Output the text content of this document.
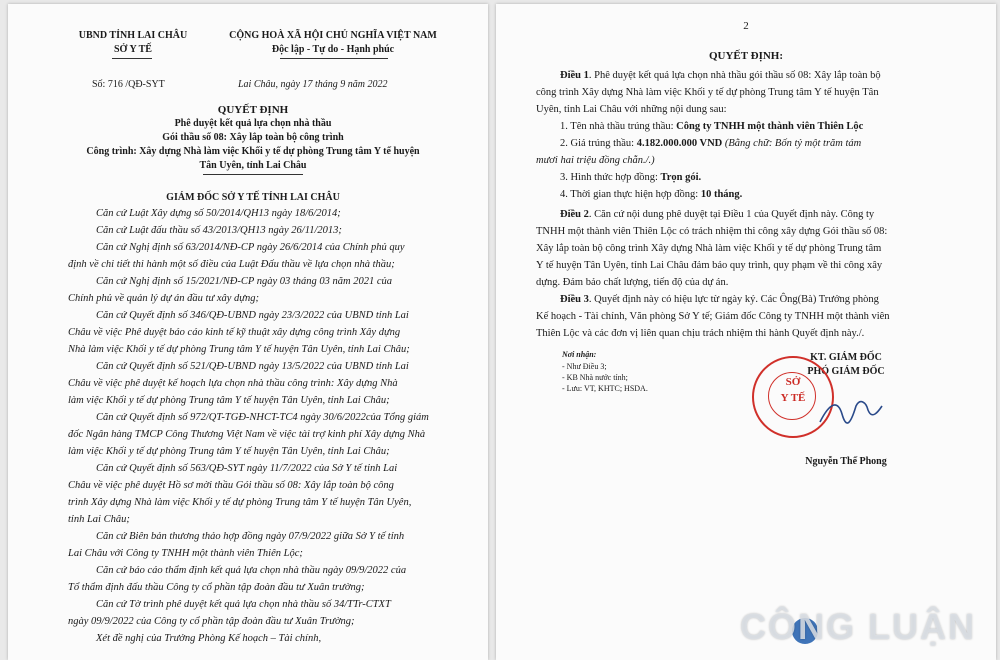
UBND TỈNH LAI CHÂU
SỞ Y TẾ
CỘNG HOÀ XÃ HỘI CHỦ NGHĨA VIỆT NAM
Độc lập - Tự do - Hạnh phúc
Số: 716 /QĐ-SYT	Lai Châu, ngày 17 tháng 9 năm 2022
QUYẾT ĐỊNH
Phê duyệt kết quả lựa chọn nhà thầu
Gói thầu số 08: Xây lắp toàn bộ công trình
Công trình: Xây dựng Nhà làm việc Khối y tế dự phòng Trung tâm Y tế huyện
Tân Uyên, tỉnh Lai Châu
GIÁM ĐỐC SỞ Y TẾ TỈNH LAI CHÂU
Căn cứ Luật Xây dựng số 50/2014/QH13 ngày 18/6/2014;
Căn cứ Luật đấu thầu số 43/2013/QH13 ngày 26/11/2013;
Căn cứ Nghị định số 63/2014/NĐ-CP ngày 26/6/2014 của Chính phủ quy
định về chi tiết thi hành một số điều của Luật Đấu thầu về lựa chọn nhà thầu;
Căn cứ Nghị định số 15/2021/NĐ-CP ngày 03 tháng 03 năm 2021 của
Chính phủ về quản lý dự án đầu tư xây dựng;
Căn cứ Quyết định số 346/QĐ-UBND ngày 23/3/2022 của UBND tỉnh Lai
Châu về việc Phê duyệt báo cáo kinh tế kỹ thuật xây dựng công trình Xây dựng
Nhà làm việc Khối y tế dự phòng Trung tâm Y tế huyện Tân Uyên, tỉnh Lai Châu;
Căn cứ Quyết định số 521/QĐ-UBND ngày 13/5/2022 của UBND tỉnh Lai
Châu về việc phê duyệt kế hoạch lựa chọn nhà thầu công trình: Xây dựng Nhà
làm việc Khối y tế dự phòng Trung tâm Y tế huyện Tân Uyên, tỉnh Lai Châu;
Căn cứ Quyết định số 972/QT-TGĐ-NHCT-TC4 ngày 30/6/2022của Tổng giám
đốc Ngân hàng TMCP Công Thương Việt Nam về việc tài trợ kinh phí Xây dựng Nhà
làm việc Khối y tế dự phòng Trung tâm Y tế huyện Tân Uyên, tỉnh Lai Châu;
Căn cứ Quyết định số 563/QĐ-SYT ngày 11/7/2022 của Sở Y tế tỉnh Lai
Châu về việc phê duyệt Hồ sơ mời thầu Gói thầu số 08: Xây lắp toàn bộ công
trình Xây dựng Nhà làm việc Khối y tế dự phòng Trung tâm Y tế huyện Tân Uyên,
tỉnh Lai Châu;
Căn cứ Biên bản thương thảo hợp đồng ngày 07/9/2022 giữa Sở Y tế tỉnh
Lai Châu với Công ty TNHH một thành viên Thiên Lộc;
Căn cứ báo cáo thẩm định kết quả lựa chọn nhà thầu ngày 09/9/2022 của
Tổ thẩm định đấu thầu Công ty cổ phần tập đoàn đầu tư Xuân trường;
Căn cứ Tờ trình phê duyệt kết quả lựa chọn nhà thầu số 34/TTr-CTXT
ngày 09/9/2022 của Công ty cổ phần tập đoàn đầu tư Xuân Trường;
Xét đề nghị của Trưởng Phòng Kế hoạch – Tài chính,
2
QUYẾT ĐỊNH:
Điều 1. Phê duyệt kết quả lựa chọn nhà thầu gói thầu số 08: Xây lắp toàn bộ
công trình Xây dựng Nhà làm việc Khối y tế dự phòng Trung tâm Y tế huyện Tân
Uyên, tỉnh Lai Châu với những nội dung sau:
1. Tên nhà thầu trúng thầu: Công ty TNHH một thành viên Thiên Lộc
2. Giá trúng thầu: 4.182.000.000 VND (Bằng chữ: Bốn tỷ một trăm tám
mươi hai triệu đồng chẵn./.)
3. Hình thức hợp đồng: Trọn gói.
4. Thời gian thực hiện hợp đồng: 10 tháng.
Điều 2. Căn cứ nội dung phê duyệt tại Điều 1 của Quyết định này. Công ty
TNHH một thành viên Thiên Lộc có trách nhiệm thi công xây dựng Gói thầu số 08:
Xây lắp toàn bộ công trình Xây dựng Nhà làm việc Khối y tế dự phòng Trung tâm
Y tế huyện Tân Uyên, tỉnh Lai Châu đảm bảo quy trình, quy phạm về thi công xây
dựng. Đảm bảo chất lượng, tiến độ của dự án.
Điều 3. Quyết định này có hiệu lực từ ngày ký. Các Ông(Bà) Trưởng phòng
Kế hoạch - Tài chính, Văn phòng Sở Y tế; Giám đốc Công ty TNHH một thành viên
Thiên Lộc và các đơn vị liên quan chịu trách nhiệm thi hành Quyết định này./.
Nơi nhận:
- Như Điều 3;
- KB Nhà nước tỉnh;
- Lưu: VT, KHTC; HSDA.
KT. GIÁM ĐỐC
PHÓ GIÁM ĐỐC
SỞ
Y TẾ
Nguyễn Thế Phong
CÔNG LUẬN
